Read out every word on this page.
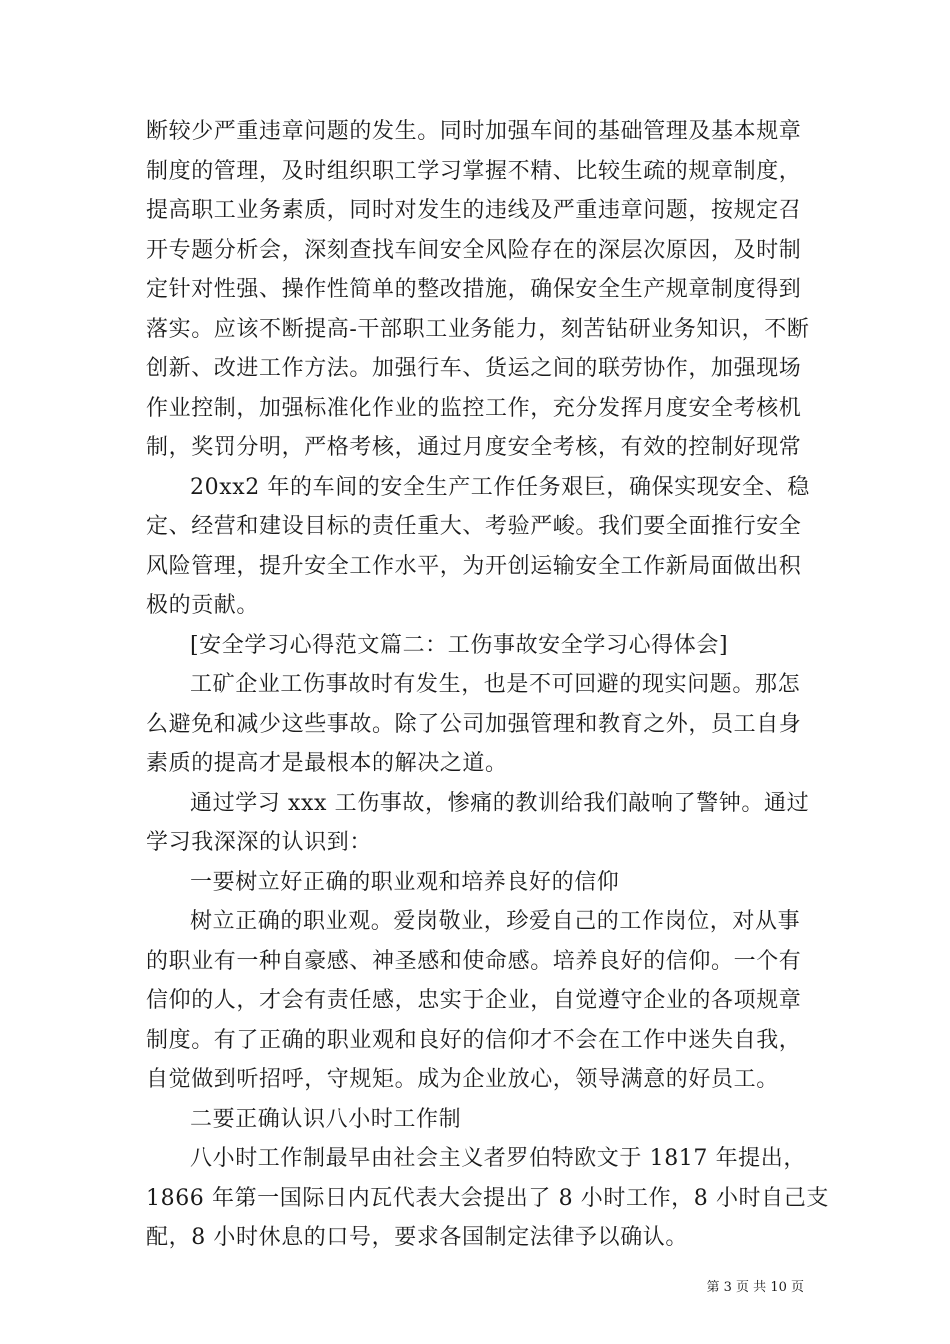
断较少严重违章问题的发生。同时加强车间的基础管理及基本规章
制度的管理，及时组织职工学习掌握不精、比较生疏的规章制度，
提高职工业务素质，同时对发生的违线及严重违章问题，按规定召
开专题分析会，深刻查找车间安全风险存在的深层次原因，及时制
定针对性强、操作性简单的整改措施，确保安全生产规章制度得到
落实。应该不断提高-干部职工业务能力，刻苦钻研业务知识，不断
创新、改进工作方法。加强行车、货运之间的联劳协作，加强现场
作业控制，加强标准化作业的监控工作，充分发挥月度安全考核机
制，奖罚分明，严格考核，通过月度安全考核，有效的控制好现常
20xx2 年的车间的安全生产工作任务艰巨，确保实现安全、稳
定、经营和建设目标的责任重大、考验严峻。我们要全面推行安全
风险管理，提升安全工作水平，为开创运输安全工作新局面做出积
极的贡献。
[安全学习心得范文篇二：工伤事故安全学习心得体会]
工矿企业工伤事故时有发生，也是不可回避的现实问题。那怎
么避免和减少这些事故。除了公司加强管理和教育之外，员工自身
素质的提高才是最根本的解决之道。
通过学习 xxx 工伤事故，惨痛的教训给我们敲响了警钟。通过
学习我深深的认识到：
一要树立好正确的职业观和培养良好的信仰
树立正确的职业观。爱岗敬业，珍爱自己的工作岗位，对从事
的职业有一种自豪感、神圣感和使命感。培养良好的信仰。一个有
信仰的人，才会有责任感，忠实于企业，自觉遵守企业的各项规章
制度。有了正确的职业观和良好的信仰才不会在工作中迷失自我，
自觉做到听招呼，守规矩。成为企业放心，领导满意的好员工。
二要正确认识八小时工作制
八小时工作制最早由社会主义者罗伯特欧文于 1817 年提出，
1866 年第一国际日内瓦代表大会提出了 8 小时工作，8 小时自己支
配，8 小时休息的口号，要求各国制定法律予以确认。
第 3 页 共 10 页
